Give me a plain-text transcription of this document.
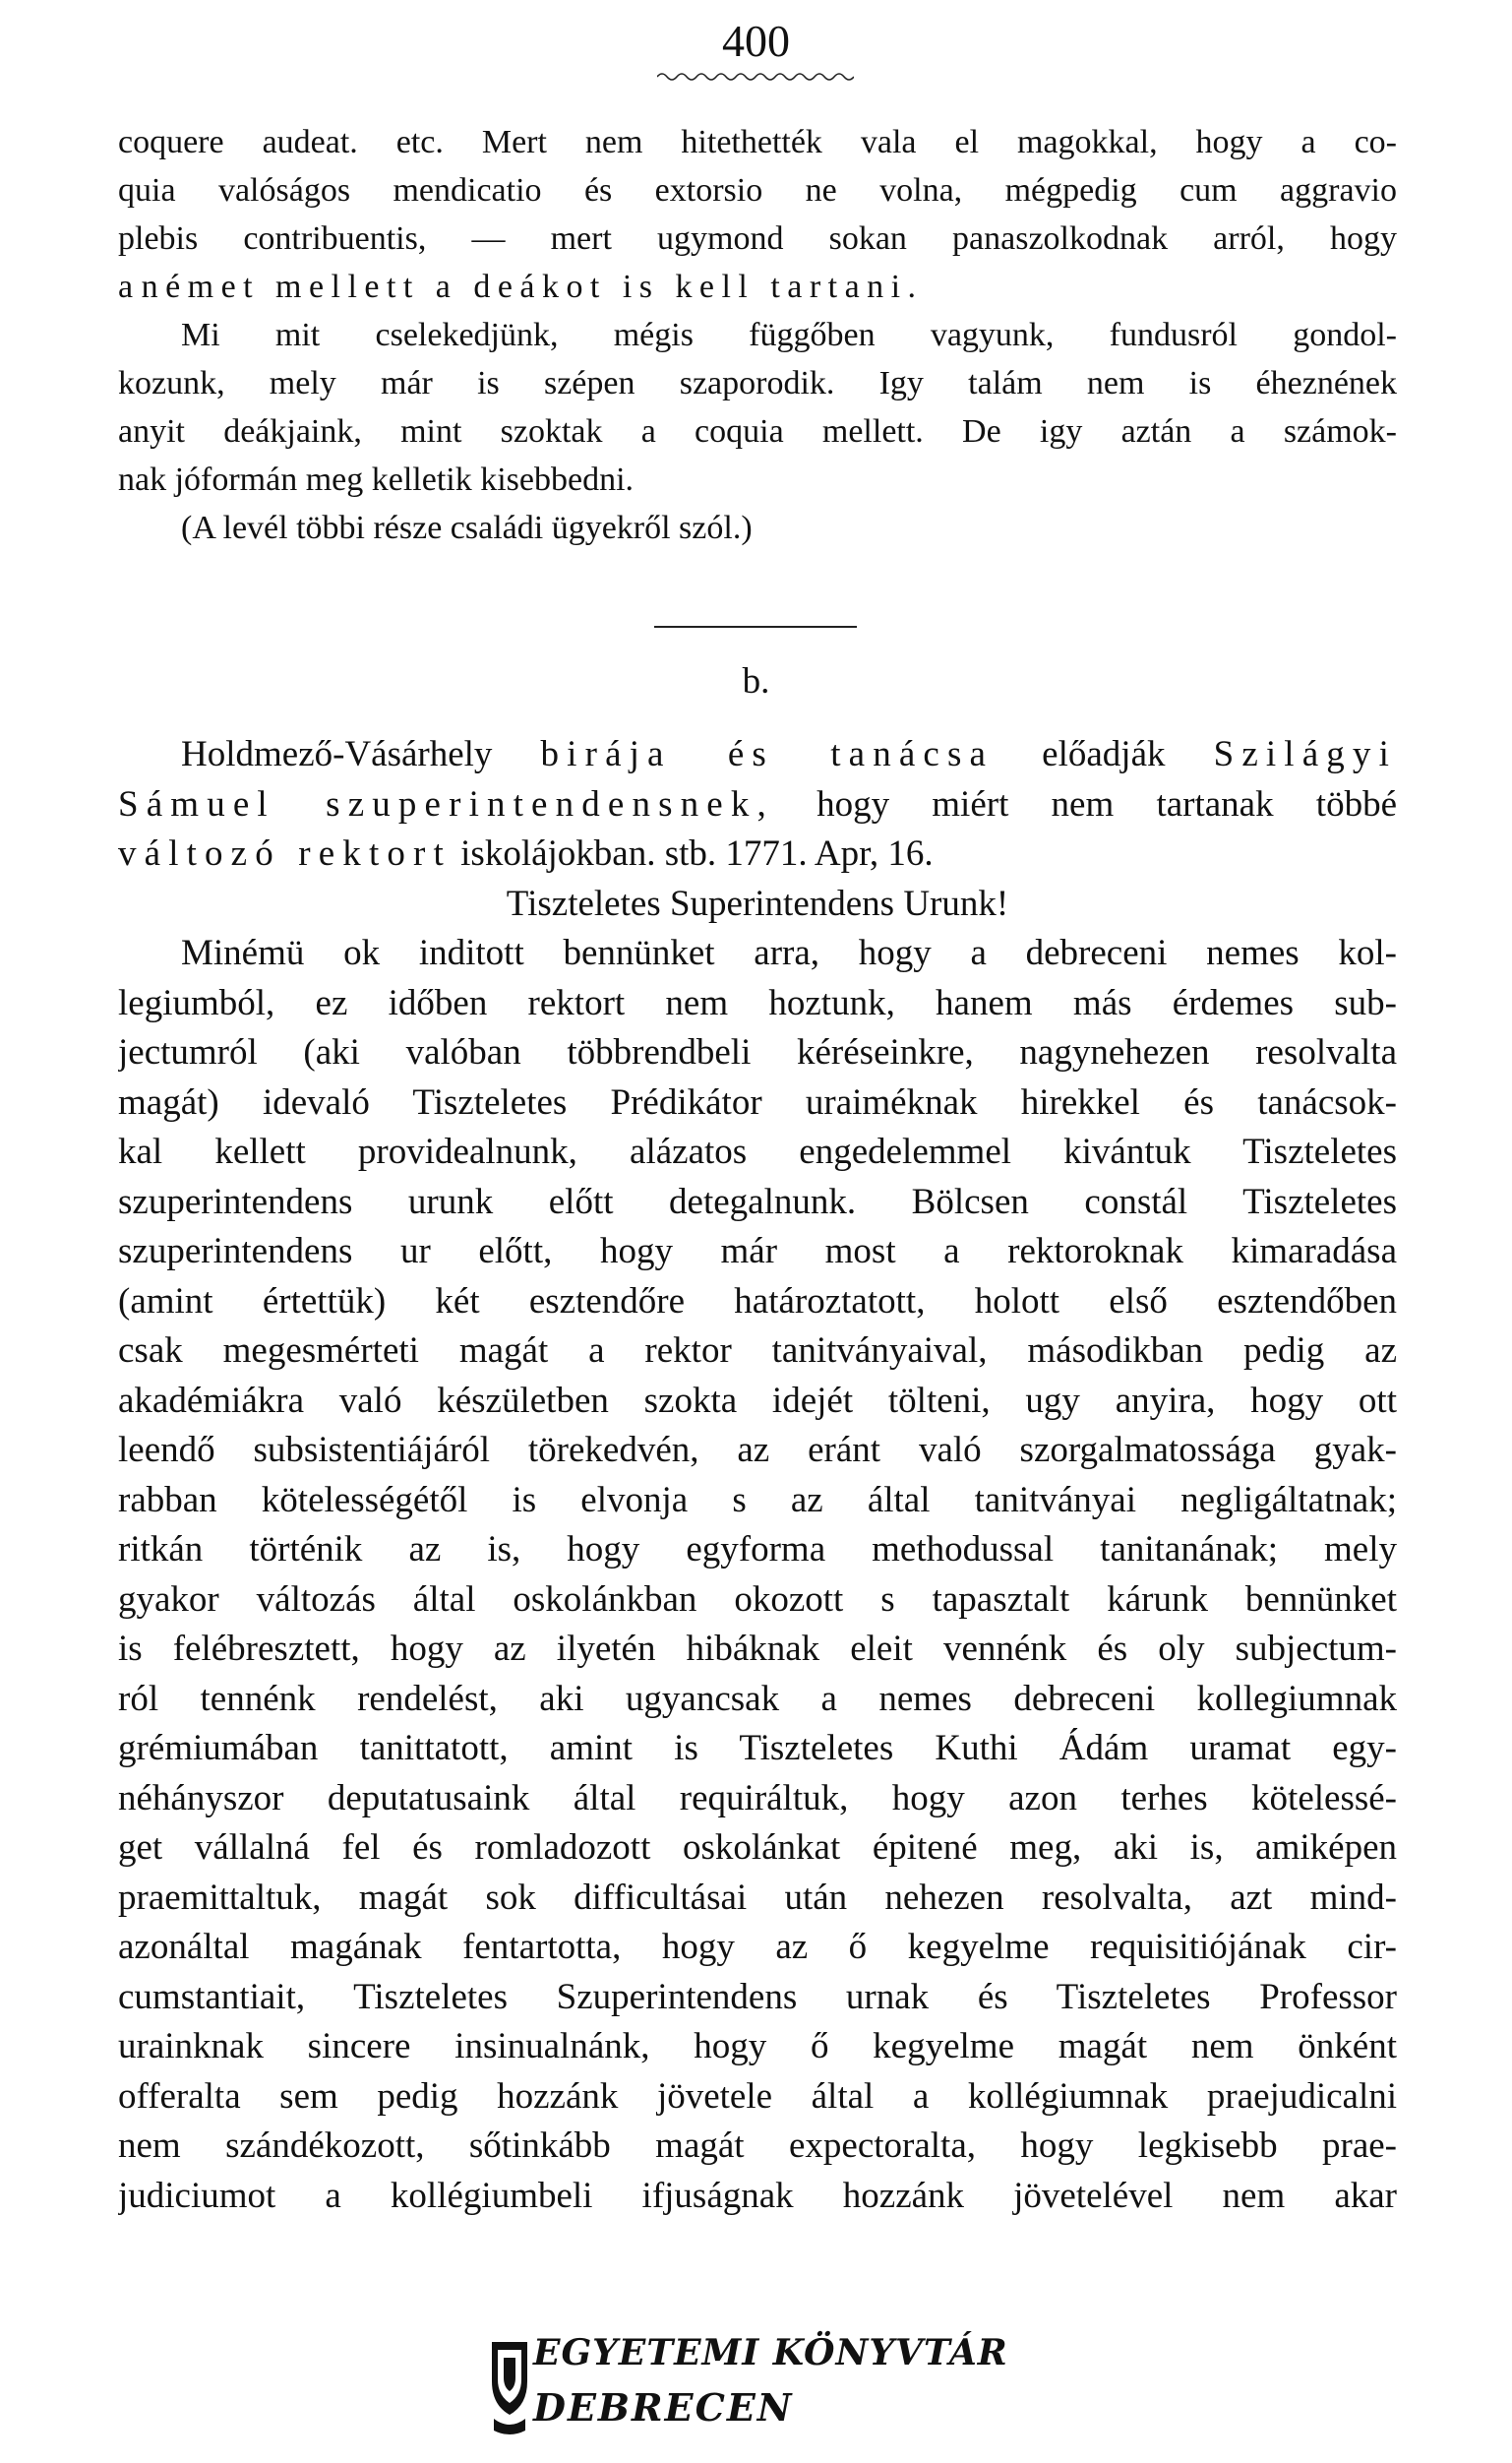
400
coquere audeat. etc. Mert nem hitethették vala el magokkal, hogy a co-
quia valóságos mendicatio és extorsio ne volna, mégpedig cum aggravio
plebis contribuentis, — mert ugymond sokan panaszolkodnak arról, hogy
a német mellett a deákot is kell tartani.
Mi mit cselekedjünk, mégis függőben vagyunk, fundusról gondol-
kozunk, mely már is szépen szaporodik. Igy talám nem is éheznének
anyit deákjaink, mint szoktak a coquia mellett. De igy aztán a számok-
nak jóformán meg kelletik kisebbedni.
(A levél többi része családi ügyekről szól.)
b.
Holdmező-Vásárhely birája és tanácsa előadják Szilágyi
Sámuel szuperintendensnek, hogy miért nem tartanak többé
változó rektort iskolájokban. stb. 1771. Apr, 16.
Tiszteletes Superintendens Urunk!
Minémü ok inditott bennünket arra, hogy a debreceni nemes kol-
legiumból, ez időben rektort nem hoztunk, hanem más érdemes sub-
jectumról (aki valóban többrendbeli kéréseinkre, nagynehezen resolvalta
magát) idevaló Tiszteletes Prédikátor uraiméknak hirekkel és tanácsok-
kal kellett providealnunk, alázatos engedelemmel kivántuk Tiszteletes
szuperintendens urunk előtt detegalnunk. Bölcsen constál Tiszteletes
szuperintendens ur előtt, hogy már most a rektoroknak kimaradása
(amint értettük) két esztendőre határoztatott, holott első esztendőben
csak megesmérteti magát a rektor tanitványaival, másodikban pedig az
akadémiákra való készületben szokta idejét tölteni, ugy anyira, hogy ott
leendő subsistentiájáról törekedvén, az eránt való szorgalmatossága gyak-
rabban kötelességétől is elvonja s az által tanitványai negligáltatnak;
ritkán történik az is, hogy egyforma methodussal tanitanának; mely
gyakor változás által oskolánkban okozott s tapasztalt kárunk bennünket
is felébresztett, hogy az ilyetén hibáknak eleit vennénk és oly subjectum-
ról tennénk rendelést, aki ugyancsak a nemes debreceni kollegiumnak
grémiumában tanittatott, amint is Tiszteletes Kuthi Ádám uramat egy-
néhányszor deputatusaink által requiráltuk, hogy azon terhes kötelessé-
get vállalná fel és romladozott oskolánkat épitené meg, aki is, amiképen
praemittaltuk, magát sok difficultásai után nehezen resolvalta, azt mind-
azonáltal magának fentartotta, hogy az ő kegyelme requisitiójának cir-
cumstantiait, Tiszteletes Szuperintendens urnak és Tiszteletes Professor
urainknak sincere insinualnánk, hogy ő kegyelme magát nem önként
offeralta sem pedig hozzánk jövetele által a kollégiumnak praejudicalni
nem szándékozott, sőtinkább magát expectoralta, hogy legkisebb prae-
judiciumot a kollégiumbeli ifjuságnak hozzánk jövetelével nem akar
EGYETEMI KÖNYVTÁR
DEBRECEN
